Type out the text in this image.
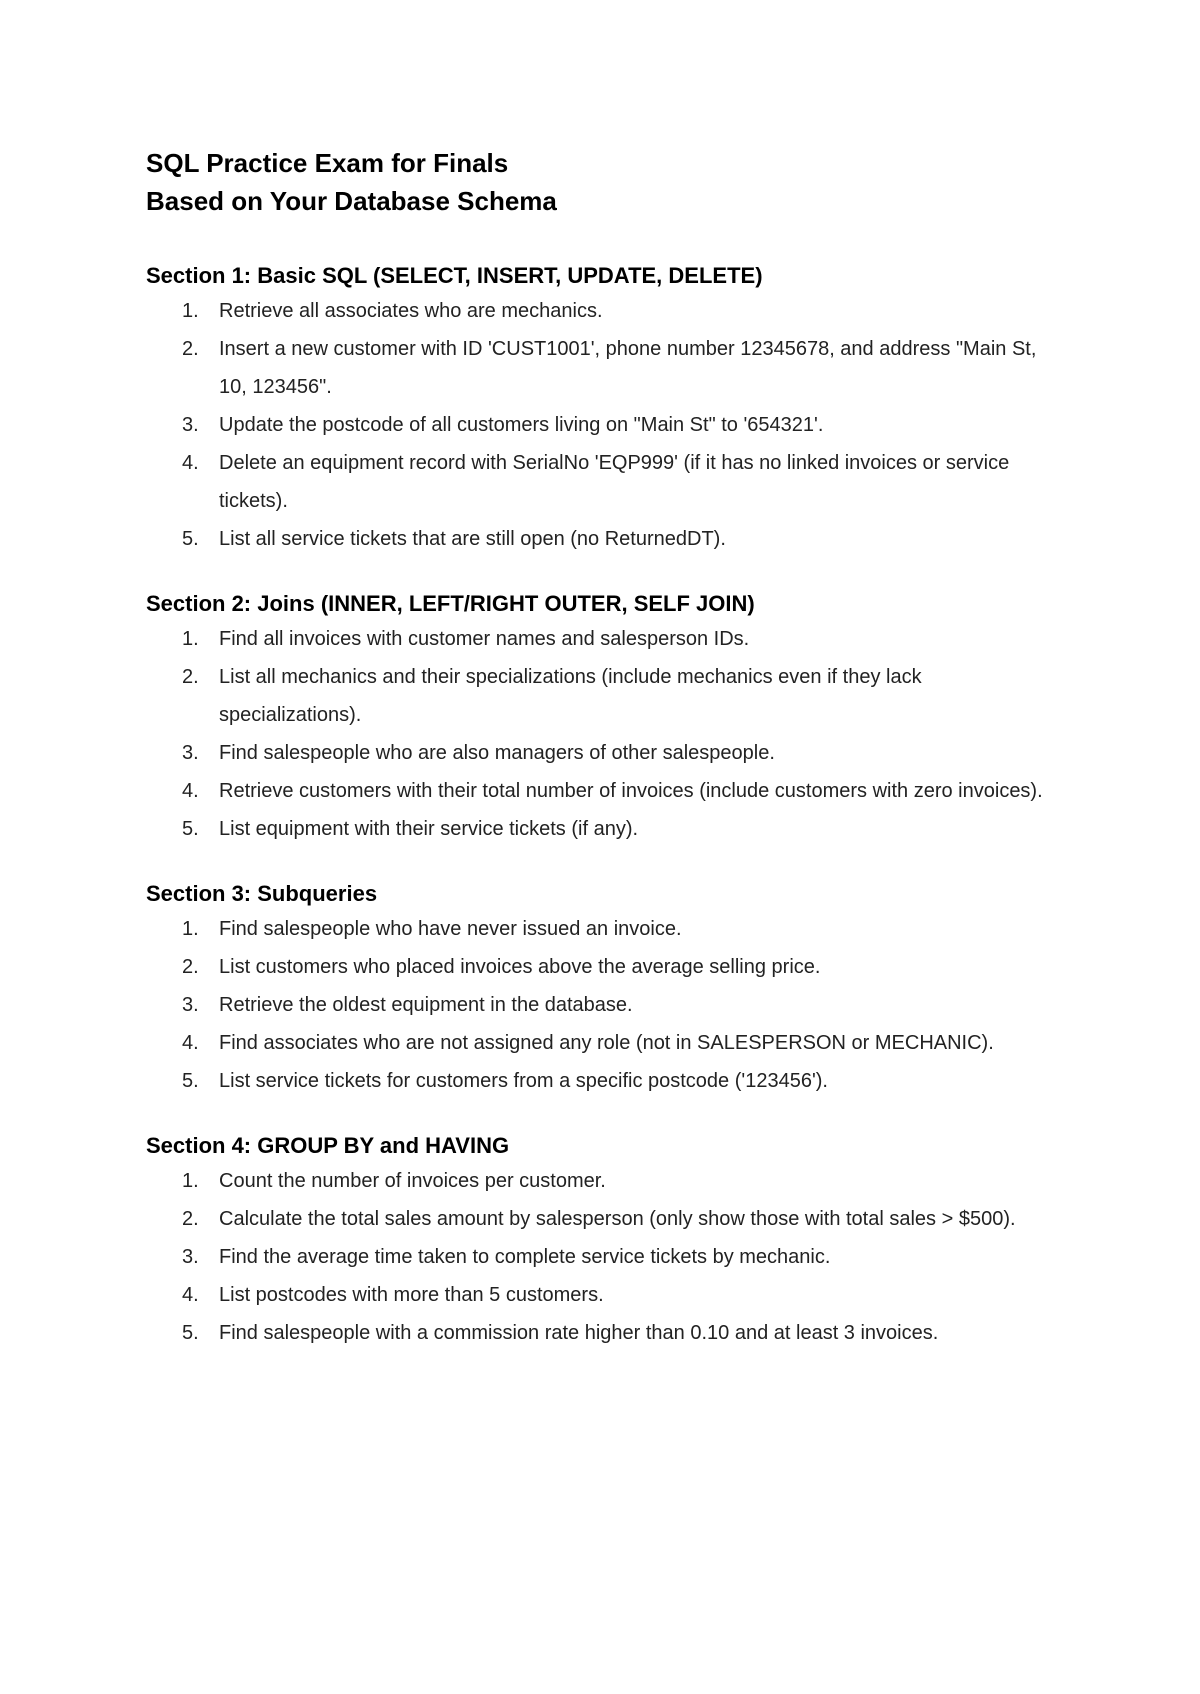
SQL Practice Exam for Finals
Based on Your Database Schema
Section 1: Basic SQL (SELECT, INSERT, UPDATE, DELETE)
1.	Retrieve all associates who are mechanics.
2.	Insert a new customer with ID 'CUST1001', phone number 12345678, and address "Main St, 10, 123456".
3.	Update the postcode of all customers living on "Main St" to '654321'.
4.	Delete an equipment record with SerialNo 'EQP999' (if it has no linked invoices or service tickets).
5.	List all service tickets that are still open (no ReturnedDT).
Section 2: Joins (INNER, LEFT/RIGHT OUTER, SELF JOIN)
1.	Find all invoices with customer names and salesperson IDs.
2.	List all mechanics and their specializations (include mechanics even if they lack specializations).
3.	Find salespeople who are also managers of other salespeople.
4.	Retrieve customers with their total number of invoices (include customers with zero invoices).
5.	List equipment with their service tickets (if any).
Section 3: Subqueries
1.	Find salespeople who have never issued an invoice.
2.	List customers who placed invoices above the average selling price.
3.	Retrieve the oldest equipment in the database.
4.	Find associates who are not assigned any role (not in SALESPERSON or MECHANIC).
5.	List service tickets for customers from a specific postcode ('123456').
Section 4: GROUP BY and HAVING
1.	Count the number of invoices per customer.
2.	Calculate the total sales amount by salesperson (only show those with total sales > $500).
3.	Find the average time taken to complete service tickets by mechanic.
4.	List postcodes with more than 5 customers.
5.	Find salespeople with a commission rate higher than 0.10 and at least 3 invoices.
